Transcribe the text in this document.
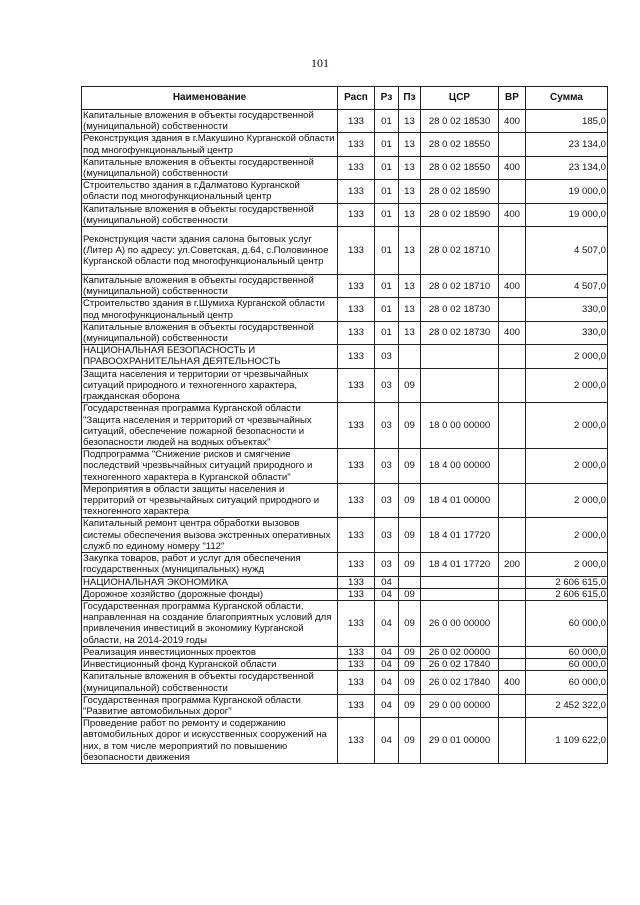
101
Наименование	Расп	Рз	Пз	ЦСР	ВР	Сумма
Капитальные вложения в объекты государственной (муниципальной) собственности	133	01	13	28 0 02 18530	400	185,0
Реконструкция здания в г.Макушино Курганской области под многофункциональный центр	133	01	13	28 0 02 18550		23 134,0
Капитальные вложения в объекты государственной (муниципальной) собственности	133	01	13	28 0 02 18550	400	23 134,0
Строительство здания в г.Далматово Курганской области под многофункциональный центр	133	01	13	28 0 02 18590		19 000,0
Капитальные вложения в объекты государственной (муниципальной) собственности	133	01	13	28 0 02 18590	400	19 000,0
Реконструкция части здания салона бытовых услуг (Литер А) по адресу: ул.Советская, д.64, с.Половинное Курганской области под многофункциональный центр	133	01	13	28 0 02 18710		4 507,0
Капитальные вложения в объекты государственной (муниципальной) собственности	133	01	13	28 0 02 18710	400	4 507,0
Строительство здания в г.Шумиха Курганской области под многофункциональный центр	133	01	13	28 0 02 18730		330,0
Капитальные вложения в объекты государственной (муниципальной) собственности	133	01	13	28 0 02 18730	400	330,0
НАЦИОНАЛЬНАЯ БЕЗОПАСНОСТЬ И ПРАВООХРАНИТЕЛЬНАЯ ДЕЯТЕЛЬНОСТЬ	133	03				2 000,0
Защита населения и территории от чрезвычайных ситуаций природного и техногенного характера, гражданская оборона	133	03	09			2 000,0
Государственная программа Курганской области "Защита населения и территорий от чрезвычайных ситуаций, обеспечение пожарной безопасности и безопасности людей на водных объектах"	133	03	09	18 0 00 00000		2 000,0
Подпрограмма "Снижение рисков и смягчение последствий чрезвычайных ситуаций природного и техногенного характера в Курганской области"	133	03	09	18 4 00 00000		2 000,0
Мероприятия в области защиты населения и территорий от чрезвычайных ситуаций природного и техногенного характера	133	03	09	18 4 01 00000		2 000,0
Капитальный ремонт центра обработки вызовов системы обеспечения вызова экстренных оперативных служб по единому номеру "112"	133	03	09	18 4 01 17720		2 000,0
Закупка товаров, работ и услуг для обеспечения государственных (муниципальных) нужд	133	03	09	18 4 01 17720	200	2 000,0
НАЦИОНАЛЬНАЯ ЭКОНОМИКА	133	04				2 606 615,0
Дорожное хозяйство (дорожные фонды)	133	04	09			2 606 615,0
Государственная программа Курганской области, направленная на создание благоприятных условий для привлечения инвестиций в экономику Курганской области, на 2014-2019 годы	133	04	09	26 0 00 00000		60 000,0
Реализация инвестиционных проектов	133	04	09	26 0 02 00000		60 000,0
Инвестиционный фонд Курганской области	133	04	09	26 0 02 17840		60 000,0
Капитальные вложения в объекты государственной (муниципальной) собственности	133	04	09	26 0 02 17840	400	60 000,0
Государственная программа Курганской области "Развитие автомобильных дорог"	133	04	09	29 0 00 00000		2 452 322,0
Проведение работ по ремонту и содержанию автомобильных дорог и искусственных сооружений на них, в том числе мероприятий по повышению безопасности движения	133	04	09	29 0 01 00000		1 109 622,0
